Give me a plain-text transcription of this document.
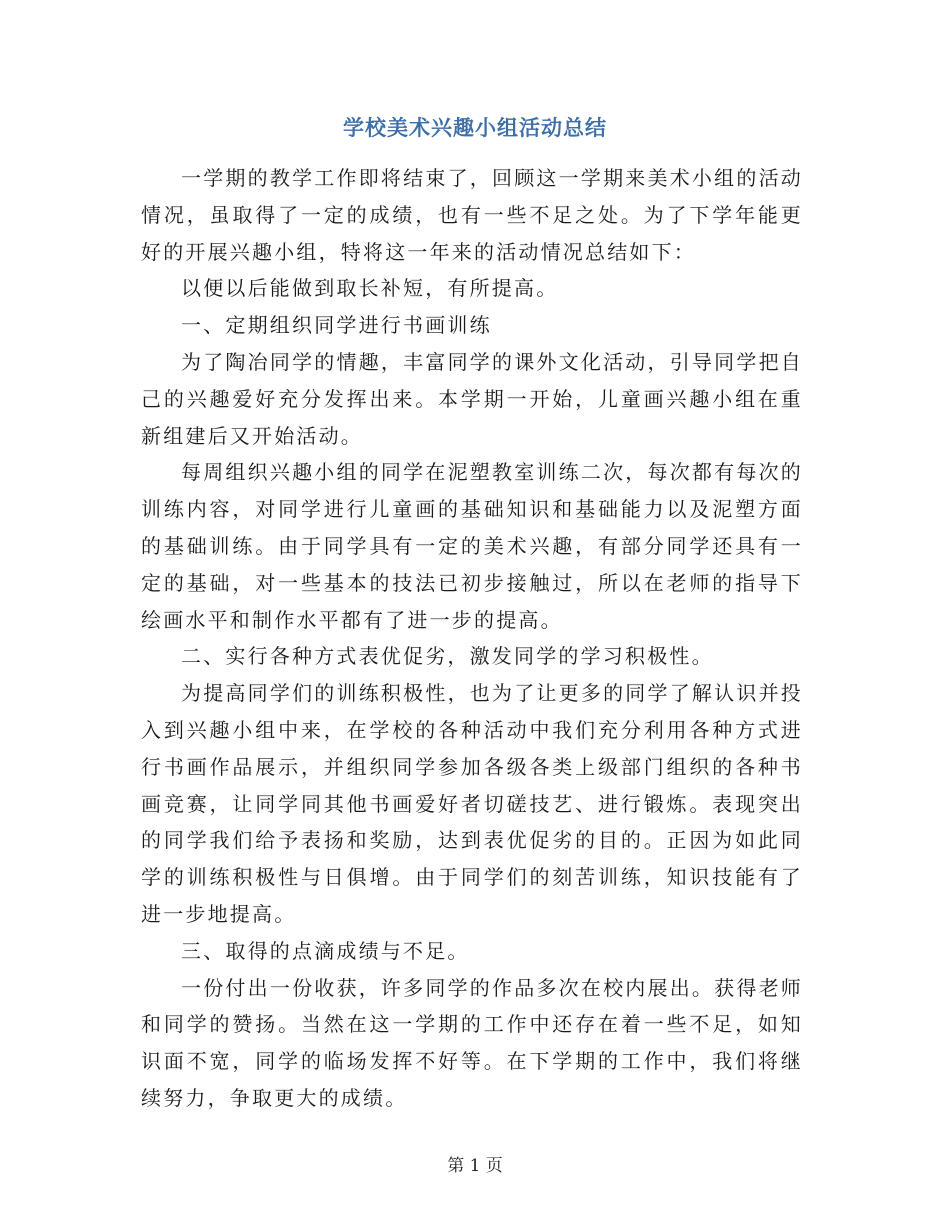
学校美术兴趣小组活动总结

一学期的教学工作即将结束了，回顾这一学期来美术小组的活动情况，虽取得了一定的成绩，也有一些不足之处。为了下学年能更好的开展兴趣小组，特将这一年来的活动情况总结如下：

以便以后能做到取长补短，有所提高。

一、定期组织同学进行书画训练

为了陶冶同学的情趣，丰富同学的课外文化活动，引导同学把自己的兴趣爱好充分发挥出来。本学期一开始，儿童画兴趣小组在重新组建后又开始活动。

每周组织兴趣小组的同学在泥塑教室训练二次，每次都有每次的训练内容，对同学进行儿童画的基础知识和基础能力以及泥塑方面的基础训练。由于同学具有一定的美术兴趣，有部分同学还具有一定的基础，对一些基本的技法已初步接触过，所以在老师的指导下绘画水平和制作水平都有了进一步的提高。

二、实行各种方式表优促劣，激发同学的学习积极性。

为提高同学们的训练积极性，也为了让更多的同学了解认识并投入到兴趣小组中来，在学校的各种活动中我们充分利用各种方式进行书画作品展示，并组织同学参加各级各类上级部门组织的各种书画竞赛，让同学同其他书画爱好者切磋技艺、进行锻炼。表现突出的同学我们给予表扬和奖励，达到表优促劣的目的。正因为如此同学的训练积极性与日俱增。由于同学们的刻苦训练，知识技能有了进一步地提高。

三、取得的点滴成绩与不足。

一份付出一份收获，许多同学的作品多次在校内展出。获得老师和同学的赞扬。当然在这一学期的工作中还存在着一些不足，如知识面不宽，同学的临场发挥不好等。在下学期的工作中，我们将继续努力，争取更大的成绩。

第 1 页
